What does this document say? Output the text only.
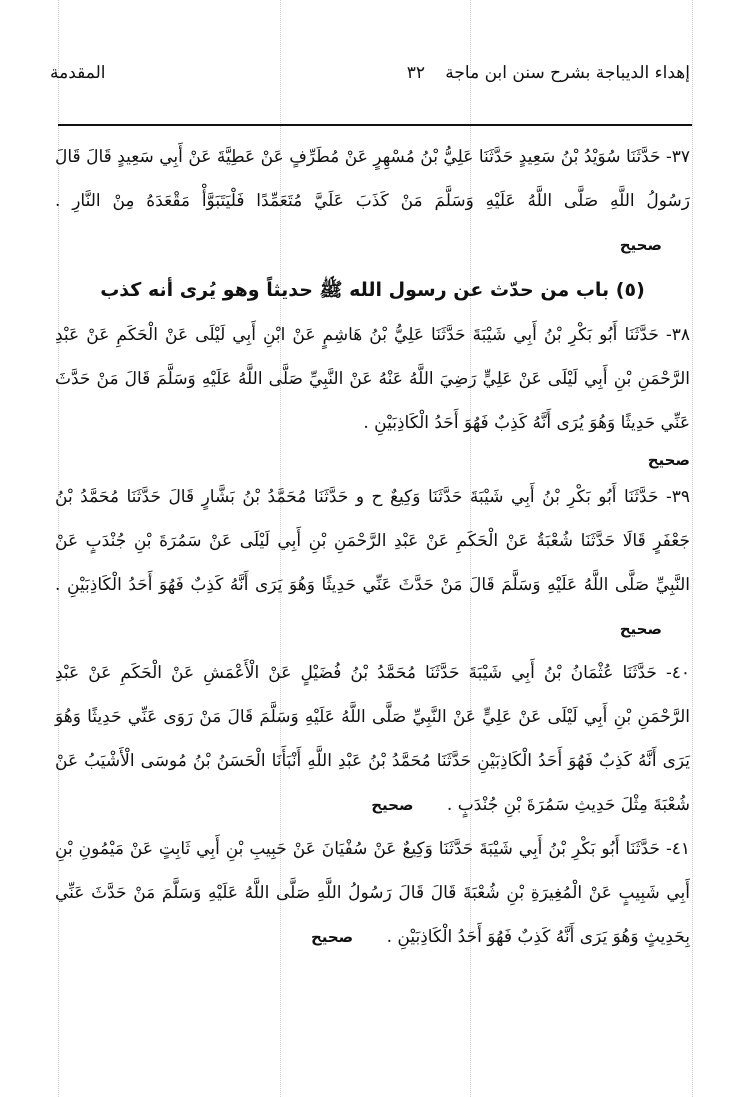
إهداء الديباجة بشرح سنن ابن ماجة
٣٢
المقدمة

٣٧- حَدَّثَنَا سُوَيْدُ بْنُ سَعِيدٍ حَدَّثَنَا عَلِيُّ بْنُ مُسْهِرٍ عَنْ مُطَرِّفٍ عَنْ عَطِيَّةَ عَنْ أَبِي سَعِيدٍ قَالَ قَالَ رَسُولُ اللَّهِ صَلَّى اللَّهُ عَلَيْهِ وَسَلَّمَ مَنْ كَذَبَ عَلَيَّ مُتَعَمِّدًا فَلْيَتَبَوَّأْ مَقْعَدَهُ مِنْ النَّارِ . صحيح

(٥) باب من حدّث عن رسول الله ﷺ حديثاً وهو يُرى أنه كذب

٣٨- حَدَّثَنَا أَبُو بَكْرِ بْنُ أَبِي شَيْبَةَ حَدَّثَنَا عَلِيُّ بْنُ هَاشِمٍ عَنْ ابْنِ أَبِي لَيْلَى عَنْ الْحَكَمِ عَنْ عَبْدِ الرَّحْمَنِ بْنِ أَبِي لَيْلَى عَنْ عَلِيٍّ رَضِيَ اللَّهُ عَنْهُ عَنْ النَّبِيِّ صَلَّى اللَّهُ عَلَيْهِ وَسَلَّمَ قَالَ مَنْ حَدَّثَ عَنِّي حَدِيثًا وَهُوَ يُرَى أَنَّهُ كَذِبٌ فَهُوَ أَحَدُ الْكَاذِبَيْنِ .

صحيح

٣٩- حَدَّثَنَا أَبُو بَكْرِ بْنُ أَبِي شَيْبَةَ حَدَّثَنَا وَكِيعٌ ح و حَدَّثَنَا مُحَمَّدُ بْنُ بَشَّارٍ قَالَ حَدَّثَنَا مُحَمَّدُ بْنُ جَعْفَرٍ قَالَا حَدَّثَنَا شُعْبَةُ عَنْ الْحَكَمِ عَنْ عَبْدِ الرَّحْمَنِ بْنِ أَبِي لَيْلَى عَنْ سَمُرَةَ بْنِ جُنْدَبٍ عَنْ النَّبِيِّ صَلَّى اللَّهُ عَلَيْهِ وَسَلَّمَ قَالَ مَنْ حَدَّثَ عَنِّي حَدِيثًا وَهُوَ يَرَى أَنَّهُ كَذِبٌ فَهُوَ أَحَدُ الْكَاذِبَيْنِ . صحيح

٤٠- حَدَّثَنَا عُثْمَانُ بْنُ أَبِي شَيْبَةَ حَدَّثَنَا مُحَمَّدُ بْنُ فُضَيْلٍ عَنْ الْأَعْمَشِ عَنْ الْحَكَمِ عَنْ عَبْدِ الرَّحْمَنِ بْنِ أَبِي لَيْلَى عَنْ عَلِيٍّ عَنْ النَّبِيِّ صَلَّى اللَّهُ عَلَيْهِ وَسَلَّمَ قَالَ مَنْ رَوَى عَنِّي حَدِيثًا وَهُوَ يَرَى أَنَّهُ كَذِبٌ فَهُوَ أَحَدُ الْكَاذِبَيْنِ حَدَّثَنَا مُحَمَّدُ بْنُ عَبْدِ اللَّهِ أَنْبَأَنَا الْحَسَنُ بْنُ مُوسَى الْأَشْيَبُ عَنْ شُعْبَةَ مِثْلَ حَدِيثِ سَمُرَةَ بْنِ جُنْدَبٍ . صحيح

٤١- حَدَّثَنَا أَبُو بَكْرِ بْنُ أَبِي شَيْبَةَ حَدَّثَنَا وَكِيعٌ عَنْ سُفْيَانَ عَنْ حَبِيبِ بْنِ أَبِي ثَابِتٍ عَنْ مَيْمُونِ بْنِ أَبِي شَبِيبٍ عَنْ الْمُغِيرَةِ بْنِ شُعْبَةَ قَالَ قَالَ رَسُولُ اللَّهِ صَلَّى اللَّهُ عَلَيْهِ وَسَلَّمَ مَنْ حَدَّثَ عَنِّي بِحَدِيثٍ وَهُوَ يَرَى أَنَّهُ كَذِبٌ فَهُوَ أَحَدُ الْكَاذِبَيْنِ . صحيح
